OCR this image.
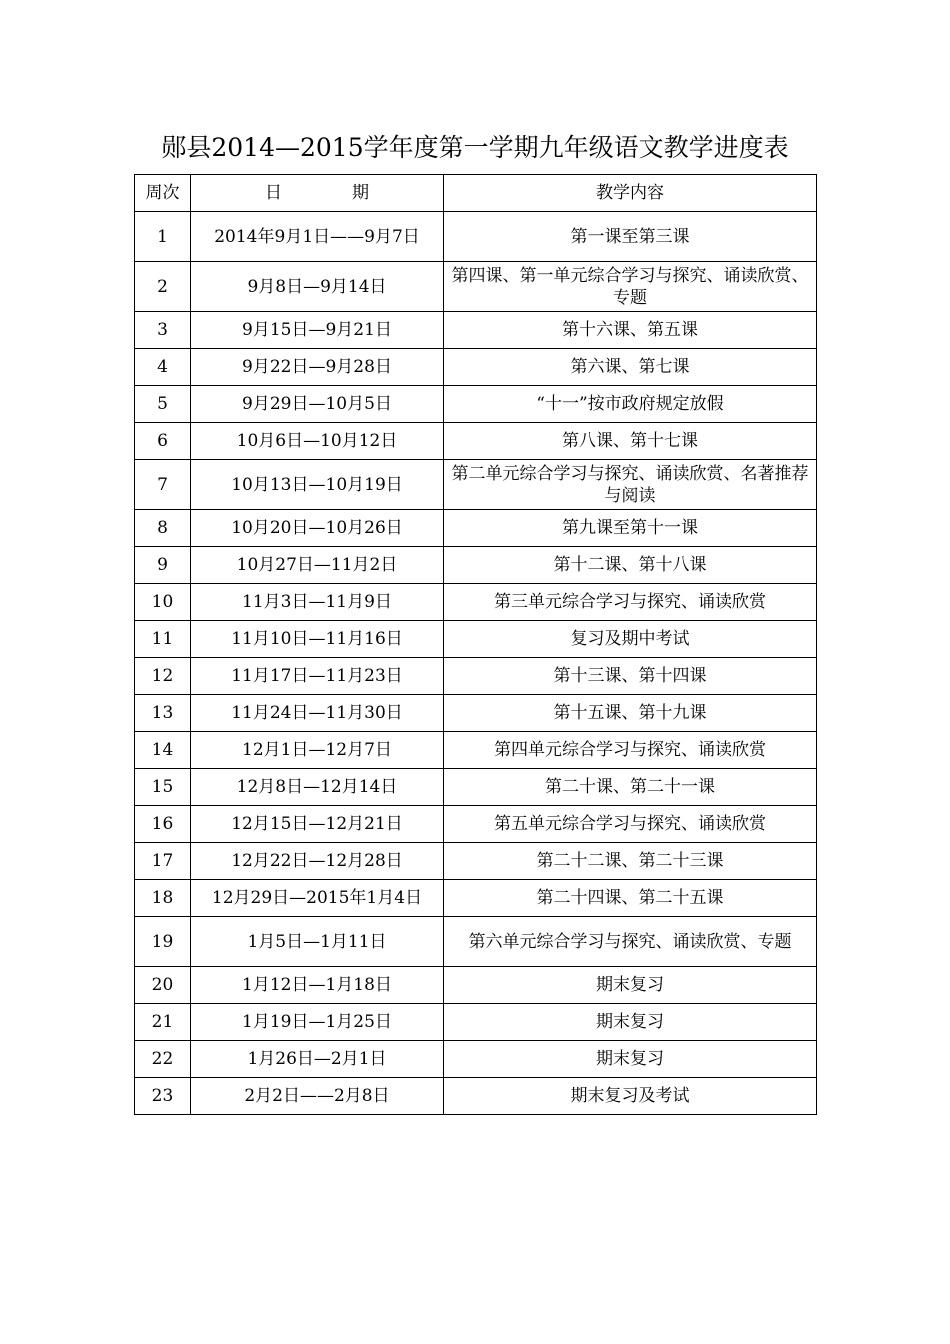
郧县2014—2015学年度第一学期九年级语文教学进度表
周次	日 期	教学内容
1	2014年9月1日——9月7日	第一课至第三课
2	9月8日—9月14日	第四课、第一单元综合学习与探究、诵读欣赏、专题
3	9月15日—9月21日	第十六课、第五课
4	9月22日—9月28日	第六课、第七课
5	9月29日—10月5日	“十一”按市政府规定放假
6	10月6日—10月12日	第八课、第十七课
7	10月13日—10月19日	第二单元综合学习与探究、诵读欣赏、名著推荐与阅读
8	10月20日—10月26日	第九课至第十一课
9	10月27日—11月2日	第十二课、第十八课
10	11月3日—11月9日	第三单元综合学习与探究、诵读欣赏
11	11月10日—11月16日	复习及期中考试
12	11月17日—11月23日	第十三课、第十四课
13	11月24日—11月30日	第十五课、第十九课
14	12月1日—12月7日	第四单元综合学习与探究、诵读欣赏
15	12月8日—12月14日	第二十课、第二十一课
16	12月15日—12月21日	第五单元综合学习与探究、诵读欣赏
17	12月22日—12月28日	第二十二课、第二十三课
18	12月29日—2015年1月4日	第二十四课、第二十五课
19	1月5日—1月11日	第六单元综合学习与探究、诵读欣赏、专题
20	1月12日—1月18日	期末复习
21	1月19日—1月25日	期末复习
22	1月26日—2月1日	期末复习
23	2月2日——2月8日	期末复习及考试
